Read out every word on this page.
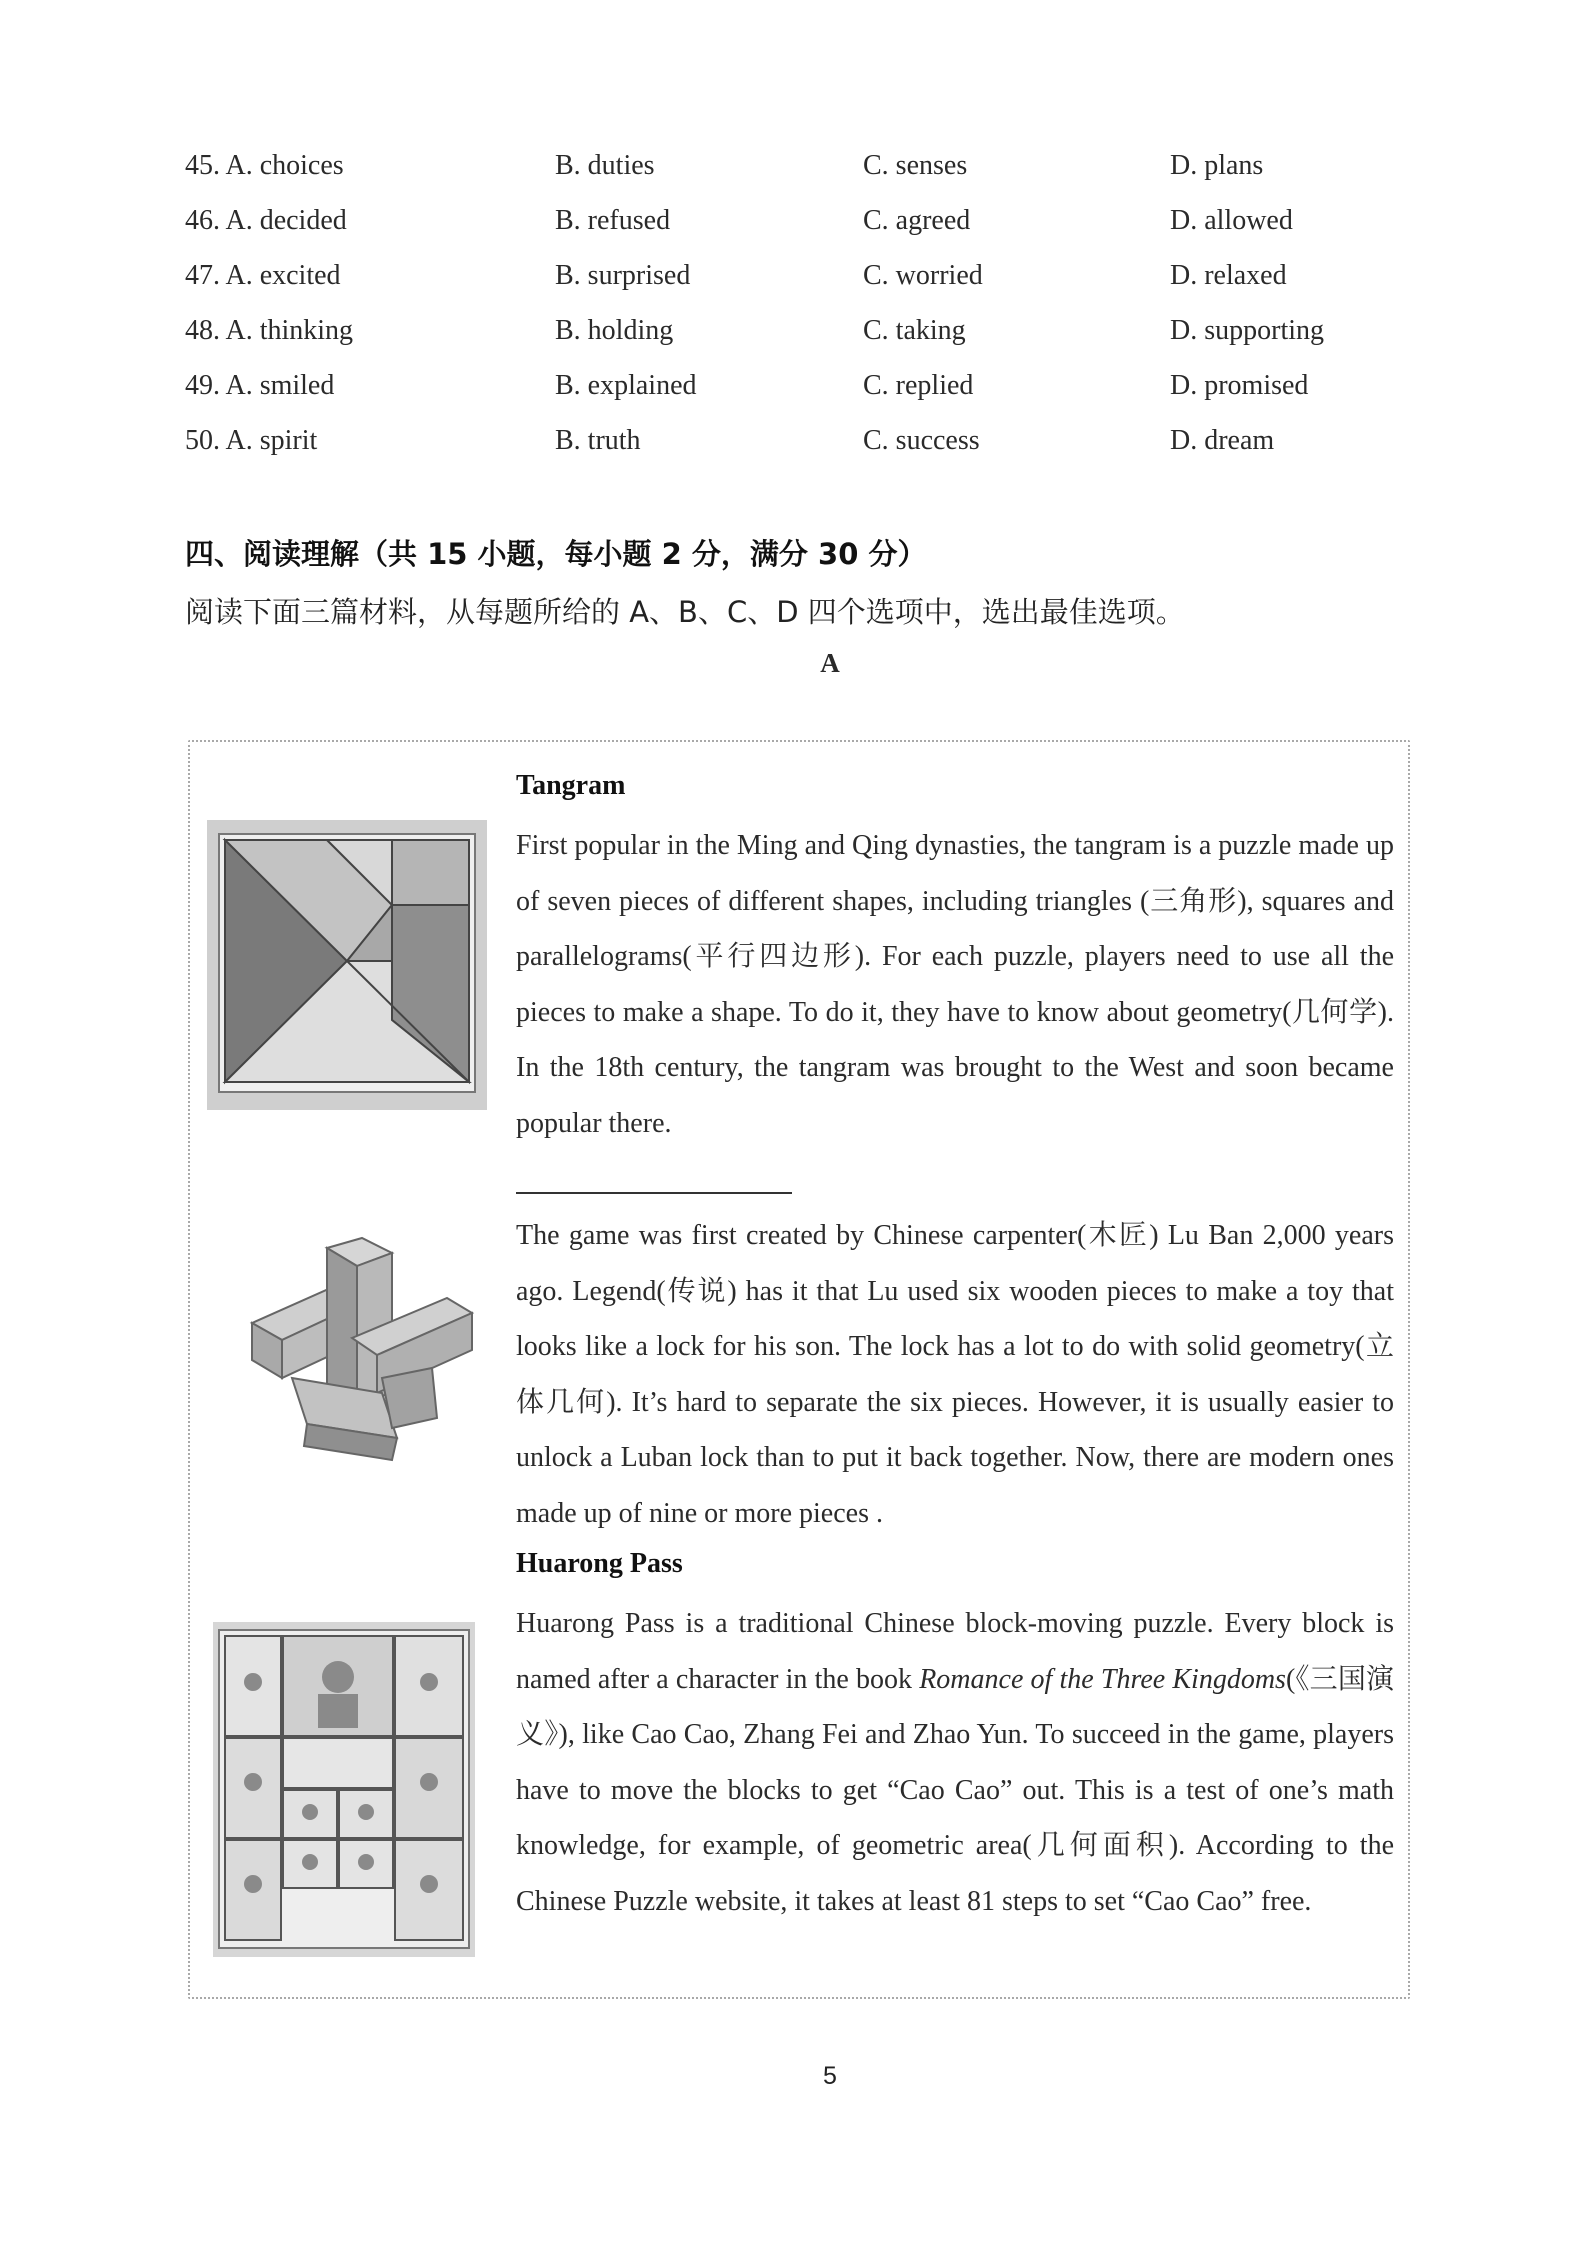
45. A. choices	B. duties	C. senses	D. plans
46. A. decided	B. refused	C. agreed	D. allowed
47. A. excited	B. surprised	C. worried	D. relaxed
48. A. thinking	B. holding	C. taking	D. supporting
49. A. smiled	B. explained	C. replied	D. promised
50. A. spirit	B. truth	C. success	D. dream
四、阅读理解（共 15 小题，每小题 2 分，满分 30 分）
阅读下面三篇材料，从每题所给的 A、B、C、D 四个选项中，选出最佳选项。
A
Tangram
First popular in the Ming and Qing dynasties, the tangram is a puzzle made up of seven pieces of different shapes, including triangles (三角形), squares and parallelograms(平行四边形). For each puzzle, players need to use all the pieces to make a shape. To do it, they have to know about geometry(几何学). In the 18th century, the tangram was brought to the West and soon became popular there.
The game was first created by Chinese carpenter(木匠) Lu Ban 2,000 years ago. Legend(传说) has it that Lu used six wooden pieces to make a toy that looks like a lock for his son. The lock has a lot to do with solid geometry(立体几何). It’s hard to separate the six pieces. However, it is usually easier to unlock a Luban lock than to put it back together. Now, there are modern ones made up of nine or more pieces .
Huarong Pass
Huarong Pass is a traditional Chinese block-moving puzzle. Every block is named after a character in the book Romance of the Three Kingdoms(《三国演义》), like Cao Cao, Zhang Fei and Zhao Yun. To succeed in the game, players have to move the blocks to get “Cao Cao” out. This is a test of one’s math knowledge, for example, of geometric area(几何面积). According to the Chinese Puzzle website, it takes at least 81 steps to set “Cao Cao” free.
5
